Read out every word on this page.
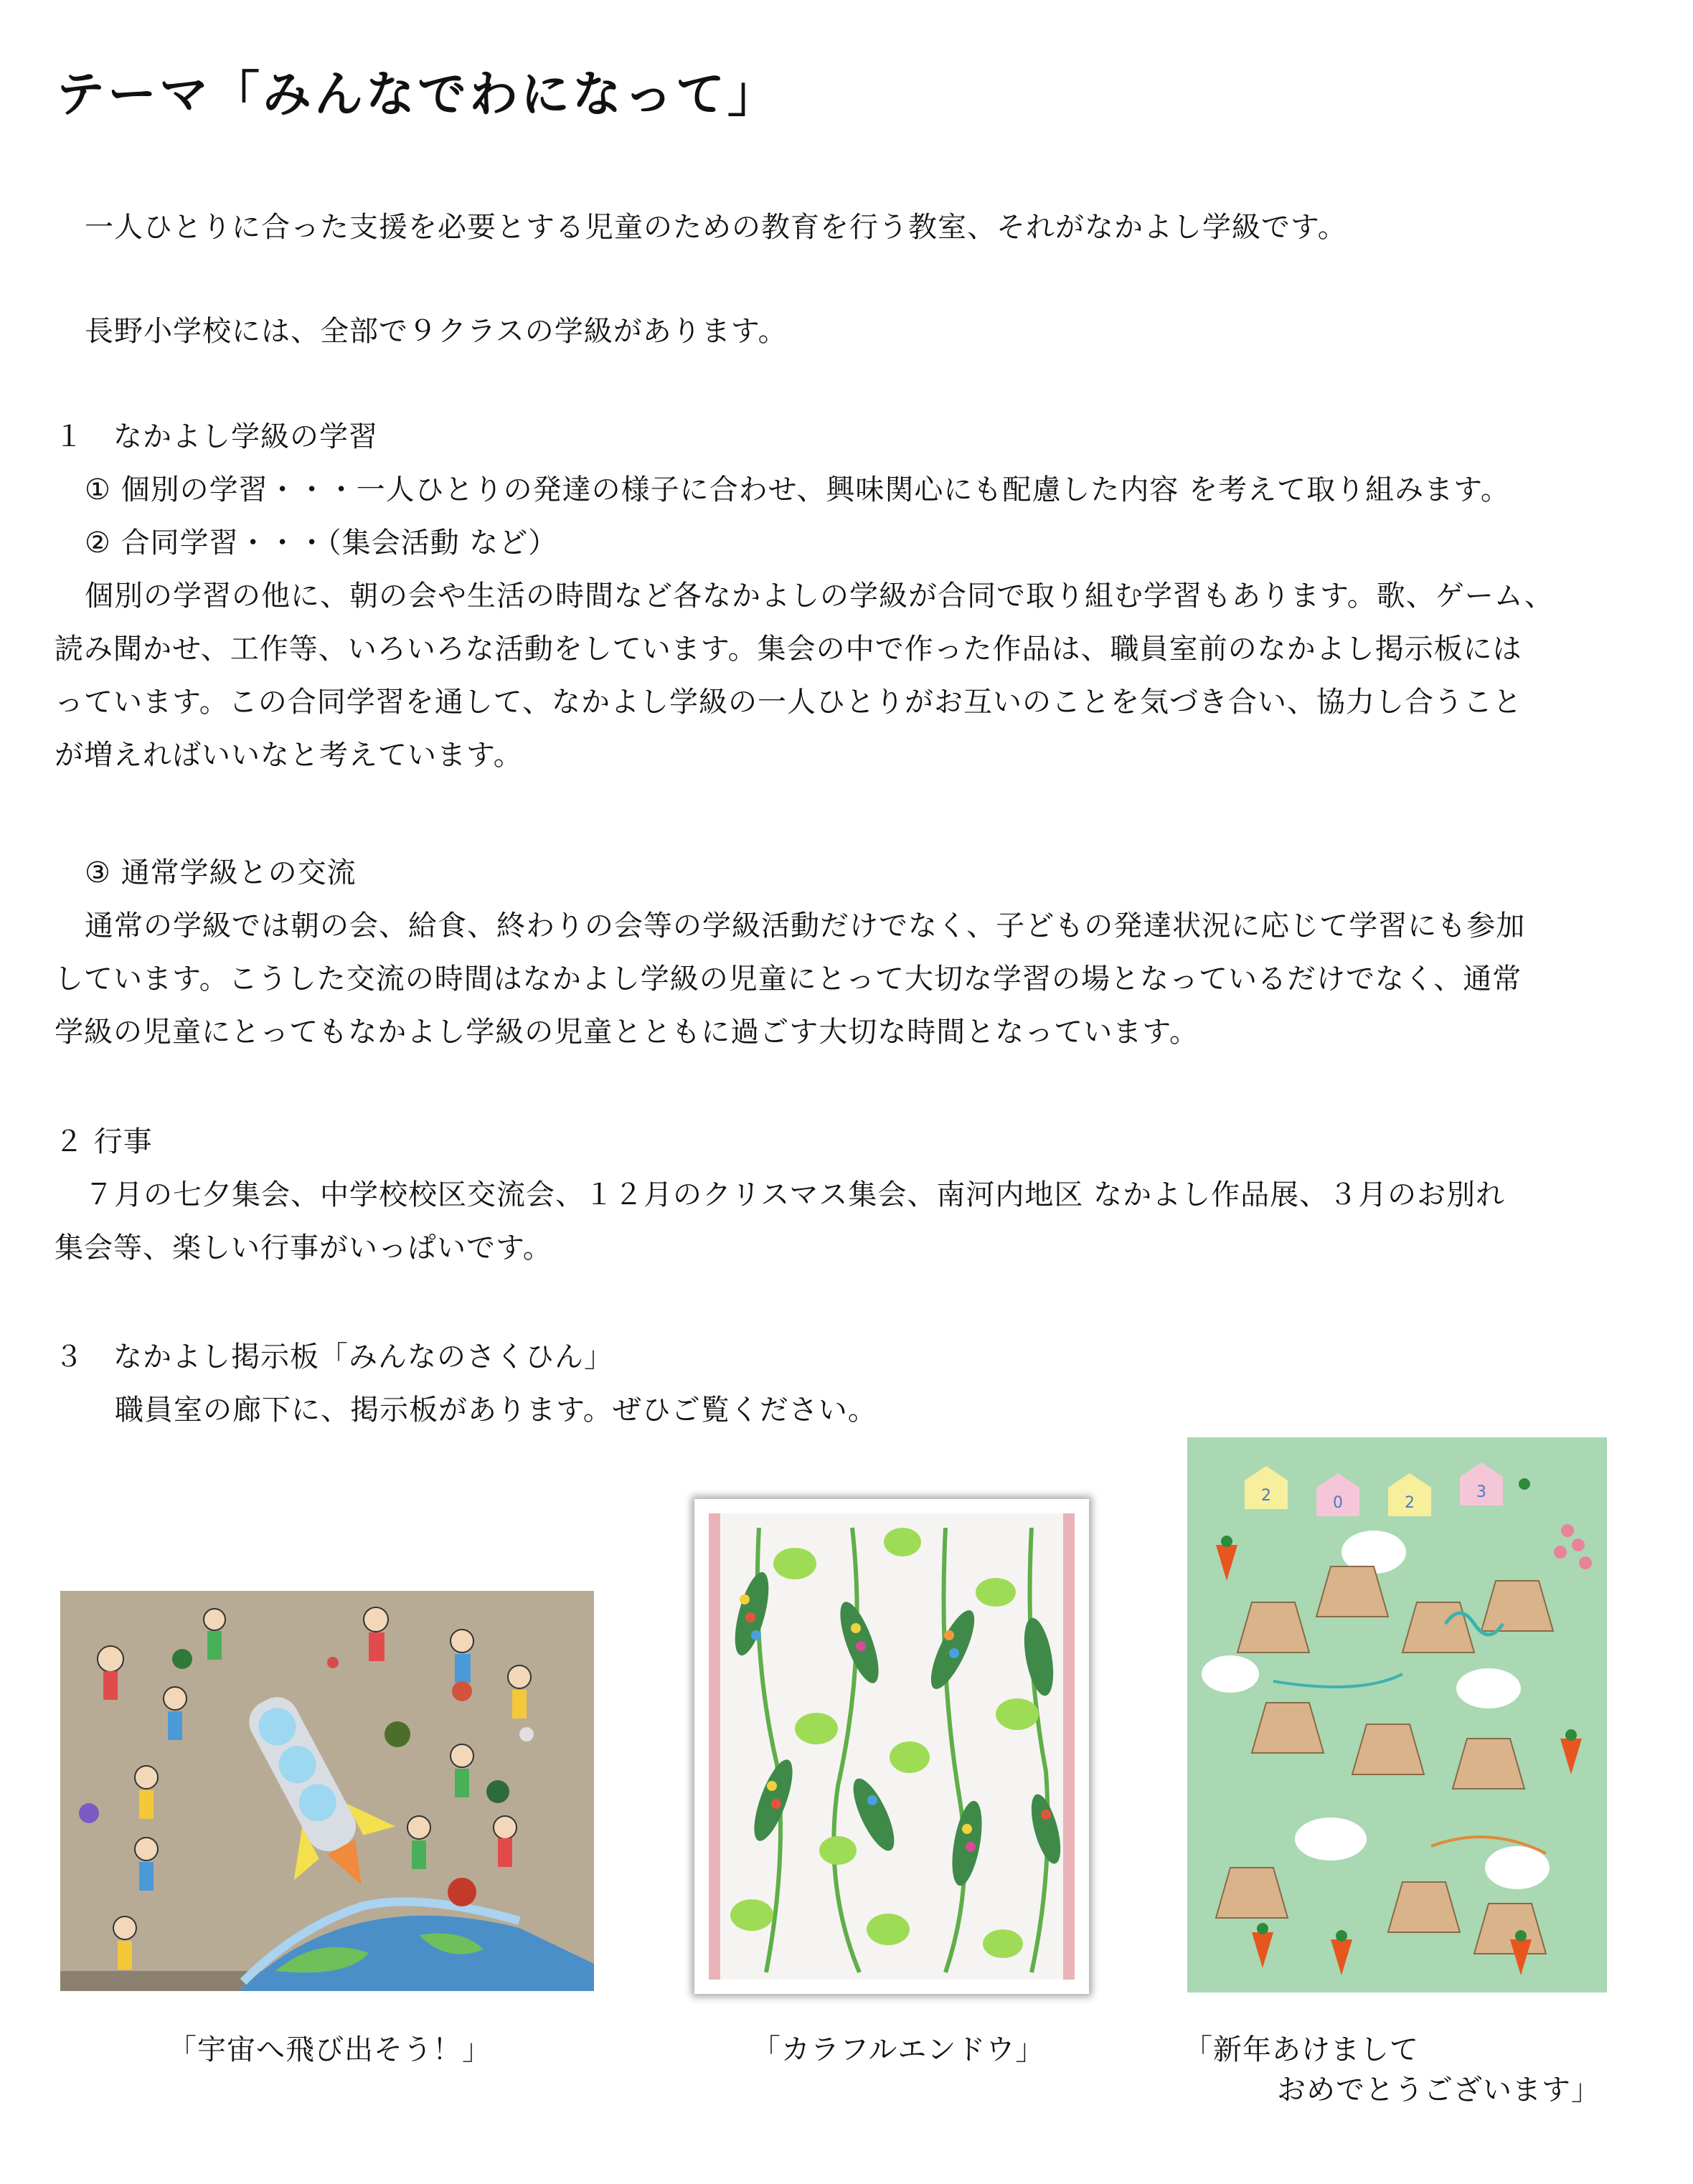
テーマ「みんなでわになって」
一人ひとりに合った支援を必要とする児童のための教育を行う教室、それがなかよし学級です。
長野小学校には、全部で９クラスの学級があります。
１　なかよし学級の学習
① 個別の学習・・・一人ひとりの発達の様子に合わせ、興味関心にも配慮した内容 を考えて取り組みます。
② 合同学習・・・（集会活動 など）
個別の学習の他に、朝の会や生活の時間など各なかよしの学級が合同で取り組む学習もあります。歌、ゲーム、
読み聞かせ、工作等、いろいろな活動をしています。集会の中で作った作品は、職員室前のなかよし掲示板には
っています。この合同学習を通して、なかよし学級の一人ひとりがお互いのことを気づき合い、協力し合うこと
が増えればいいなと考えています。
③ 通常学級との交流
通常の学級では朝の会、給食、終わりの会等の学級活動だけでなく、子どもの発達状況に応じて学習にも参加
しています。こうした交流の時間はなかよし学級の児童にとって大切な学習の場となっているだけでなく、通常
学級の児童にとってもなかよし学級の児童とともに過ごす大切な時間となっています。
２ 行事
７月の七夕集会、中学校校区交流会、１２月のクリスマス集会、南河内地区 なかよし作品展、３月のお別れ
集会等、楽しい行事がいっぱいです。
３　なかよし掲示板「みんなのさくひん」
職員室の廊下に、掲示板があります。ぜひご覧ください。
「宇宙へ飛び出そう！」	「カラフルエンドウ」
2	0	2
3
「新年あけまして
おめでとうございます」
